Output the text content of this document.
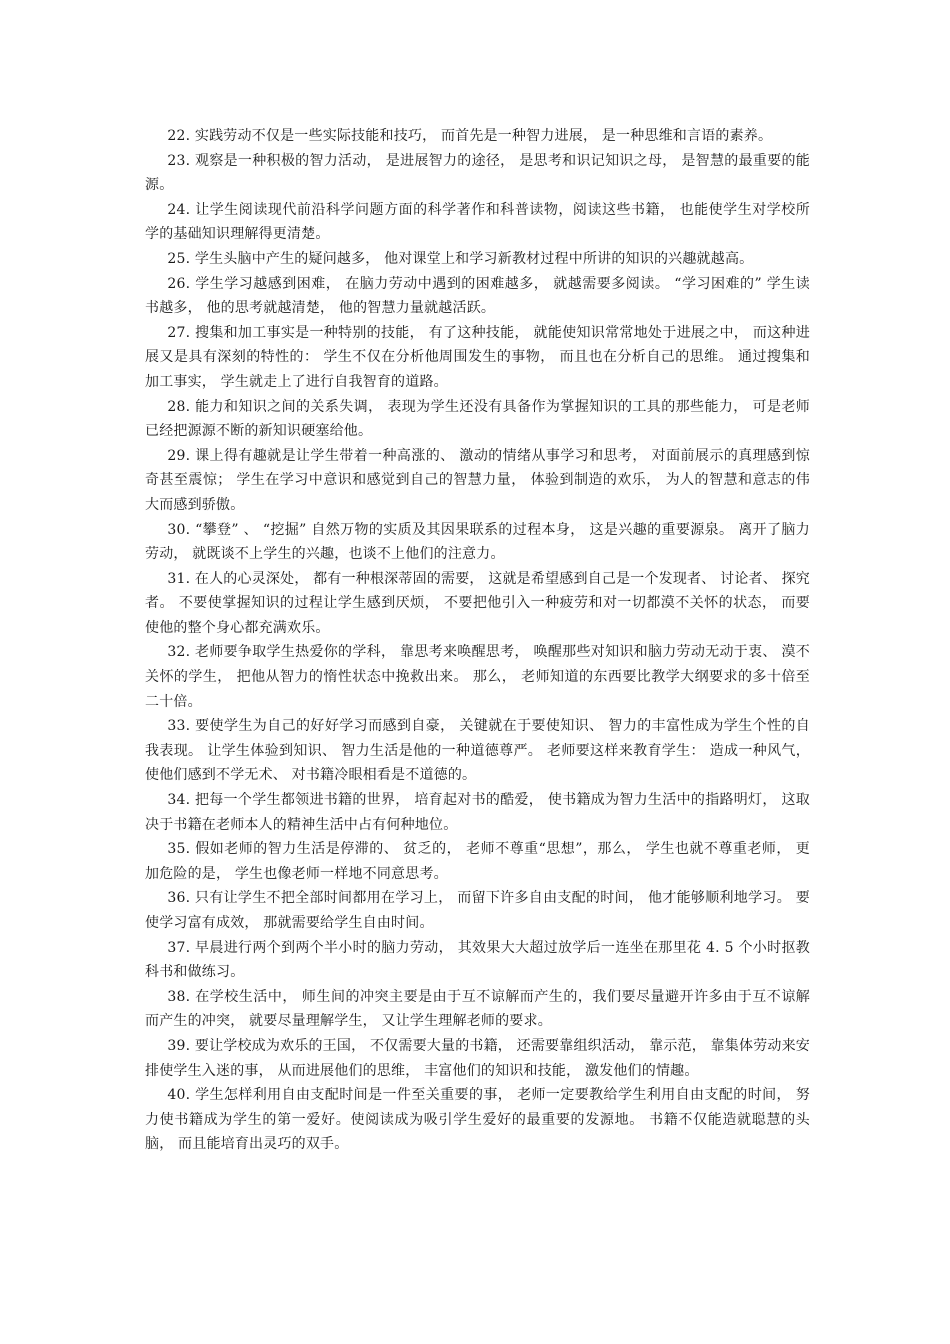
22. 实践劳动不仅是一些实际技能和技巧， 而首先是一种智力进展， 是一种思维和言语的素养。

23. 观察是一种积极的智力活动， 是进展智力的途径， 是思考和识记知识之母， 是智慧的最重要的能源。

24. 让学生阅读现代前沿科学问题方面的科学著作和科普读物，阅读这些书籍， 也能使学生对学校所学的基础知识理解得更清楚。

25. 学生头脑中产生的疑问越多， 他对课堂上和学习新教材过程中所讲的知识的兴趣就越高。

26. 学生学习越感到困难， 在脑力劳动中遇到的困难越多， 就越需要多阅读。 “学习困难的” 学生读书越多， 他的思考就越清楚， 他的智慧力量就越活跃。

27. 搜集和加工事实是一种特别的技能， 有了这种技能， 就能使知识常常地处于进展之中， 而这种进展又是具有深刻的特性的： 学生不仅在分析他周围发生的事物， 而且也在分析自己的思维。 通过搜集和加工事实， 学生就走上了进行自我智育的道路。

28. 能力和知识之间的关系失调， 表现为学生还没有具备作为掌握知识的工具的那些能力， 可是老师已经把源源不断的新知识硬塞给他。

29. 课上得有趣就是让学生带着一种高涨的、 激动的情绪从事学习和思考， 对面前展示的真理感到惊奇甚至震惊； 学生在学习中意识和感觉到自己的智慧力量， 体验到制造的欢乐， 为人的智慧和意志的伟大而感到骄傲。

30. “攀登” 、 “挖掘” 自然万物的实质及其因果联系的过程本身， 这是兴趣的重要源泉。 离开了脑力劳动， 就既谈不上学生的兴趣，也谈不上他们的注意力。

31. 在人的心灵深处， 都有一种根深蒂固的需要， 这就是希望感到自己是一个发现者、 讨论者、 探究者。 不要使掌握知识的过程让学生感到厌烦， 不要把他引入一种疲劳和对一切都漠不关怀的状态， 而要使他的整个身心都充满欢乐。

32. 老师要争取学生热爱你的学科， 靠思考来唤醒思考， 唤醒那些对知识和脑力劳动无动于衷、 漠不关怀的学生， 把他从智力的惰性状态中挽救出来。 那么， 老师知道的东西要比教学大纲要求的多十倍至二十倍。

33. 要使学生为自己的好好学习而感到自豪， 关键就在于要使知识、 智力的丰富性成为学生个性的自我表现。 让学生体验到知识、 智力生活是他的一种道德尊严。 老师要这样来教育学生： 造成一种风气，使他们感到不学无术、 对书籍冷眼相看是不道德的。

34. 把每一个学生都领进书籍的世界， 培育起对书的酷爱， 使书籍成为智力生活中的指路明灯， 这取决于书籍在老师本人的精神生活中占有何种地位。

35. 假如老师的智力生活是停滞的、 贫乏的， 老师不尊重“思想”，那么， 学生也就不尊重老师， 更加危险的是， 学生也像老师一样地不同意思考。

36. 只有让学生不把全部时间都用在学习上， 而留下许多自由支配的时间， 他才能够顺利地学习。 要使学习富有成效， 那就需要给学生自由时间。

37. 早晨进行两个到两个半小时的脑力劳动， 其效果大大超过放学后一连坐在那里花 4. 5 个小时抠教科书和做练习。

38. 在学校生活中， 师生间的冲突主要是由于互不谅解而产生的，我们要尽量避开许多由于互不谅解而产生的冲突， 就要尽量理解学生， 又让学生理解老师的要求。

39. 要让学校成为欢乐的王国， 不仅需要大量的书籍， 还需要靠组织活动， 靠示范， 靠集体劳动来安排使学生入迷的事， 从而进展他们的思维， 丰富他们的知识和技能， 激发他们的情趣。

40. 学生怎样利用自由支配时间是一件至关重要的事， 老师一定要教给学生利用自由支配的时间， 努力使书籍成为学生的第一爱好。使阅读成为吸引学生爱好的最重要的发源地。 书籍不仅能造就聪慧的头脑， 而且能培育出灵巧的双手。
